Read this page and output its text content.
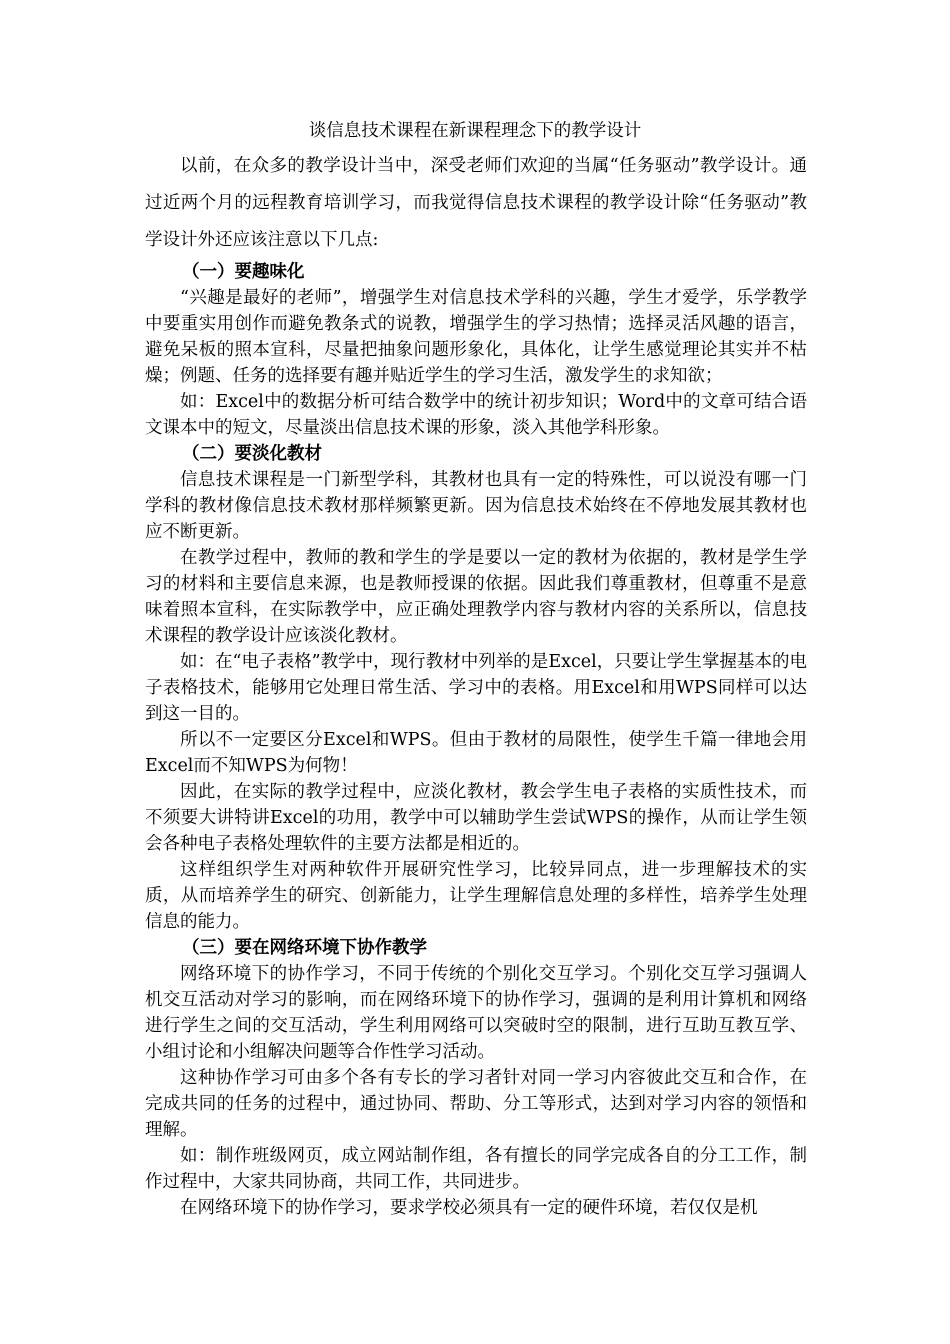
谈信息技术课程在新课程理念下的教学设计

以前，在众多的教学设计当中，深受老师们欢迎的当属“任务驱动”教学设计。通过近两个月的远程教育培训学习，而我觉得信息技术课程的教学设计除“任务驱动”教学设计外还应该注意以下几点:

（一）要趣味化

“兴趣是最好的老师”，增强学生对信息技术学科的兴趣，学生才爱学，乐学教学中要重实用创作而避免教条式的说教，增强学生的学习热情；选择灵活风趣的语言，避免呆板的照本宣科，尽量把抽象问题形象化，具体化，让学生感觉理论其实并不枯燥；例题、任务的选择要有趣并贴近学生的学习生活，激发学生的求知欲；

如：Excel中的数据分析可结合数学中的统计初步知识；Word中的文章可结合语文课本中的短文，尽量淡出信息技术课的形象，淡入其他学科形象。

（二）要淡化教材

信息技术课程是一门新型学科，其教材也具有一定的特殊性，可以说没有哪一门学科的教材像信息技术教材那样频繁更新。因为信息技术始终在不停地发展其教材也应不断更新。

在教学过程中，教师的教和学生的学是要以一定的教材为依据的，教材是学生学习的材料和主要信息来源，也是教师授课的依据。因此我们尊重教材，但尊重不是意味着照本宣科，在实际教学中，应正确处理教学内容与教材内容的关系所以，信息技术课程的教学设计应该淡化教材。

如：在“电子表格”教学中，现行教材中列举的是Excel，只要让学生掌握基本的电子表格技术，能够用它处理日常生活、学习中的表格。用Excel和用WPS同样可以达到这一目的。

所以不一定要区分Excel和WPS。但由于教材的局限性，使学生千篇一律地会用Excel而不知WPS为何物！

因此，在实际的教学过程中，应淡化教材，教会学生电子表格的实质性技术，而不须要大讲特讲Excel的功用，教学中可以辅助学生尝试WPS的操作，从而让学生领会各种电子表格处理软件的主要方法都是相近的。

这样组织学生对两种软件开展研究性学习，比较异同点，进一步理解技术的实质，从而培养学生的研究、创新能力，让学生理解信息处理的多样性，培养学生处理信息的能力。

（三）要在网络环境下协作教学

网络环境下的协作学习，不同于传统的个别化交互学习。个别化交互学习强调人机交互活动对学习的影响，而在网络环境下的协作学习，强调的是利用计算机和网络进行学生之间的交互活动，学生利用网络可以突破时空的限制，进行互助互教互学、小组讨论和小组解决问题等合作性学习活动。

这种协作学习可由多个各有专长的学习者针对同一学习内容彼此交互和合作，在完成共同的任务的过程中，通过协同、帮助、分工等形式，达到对学习内容的领悟和理解。

如：制作班级网页，成立网站制作组，各有擅长的同学完成各自的分工工作，制作过程中，大家共同协商，共同工作，共同进步。

在网络环境下的协作学习，要求学校必须具有一定的硬件环境，若仅仅是机
